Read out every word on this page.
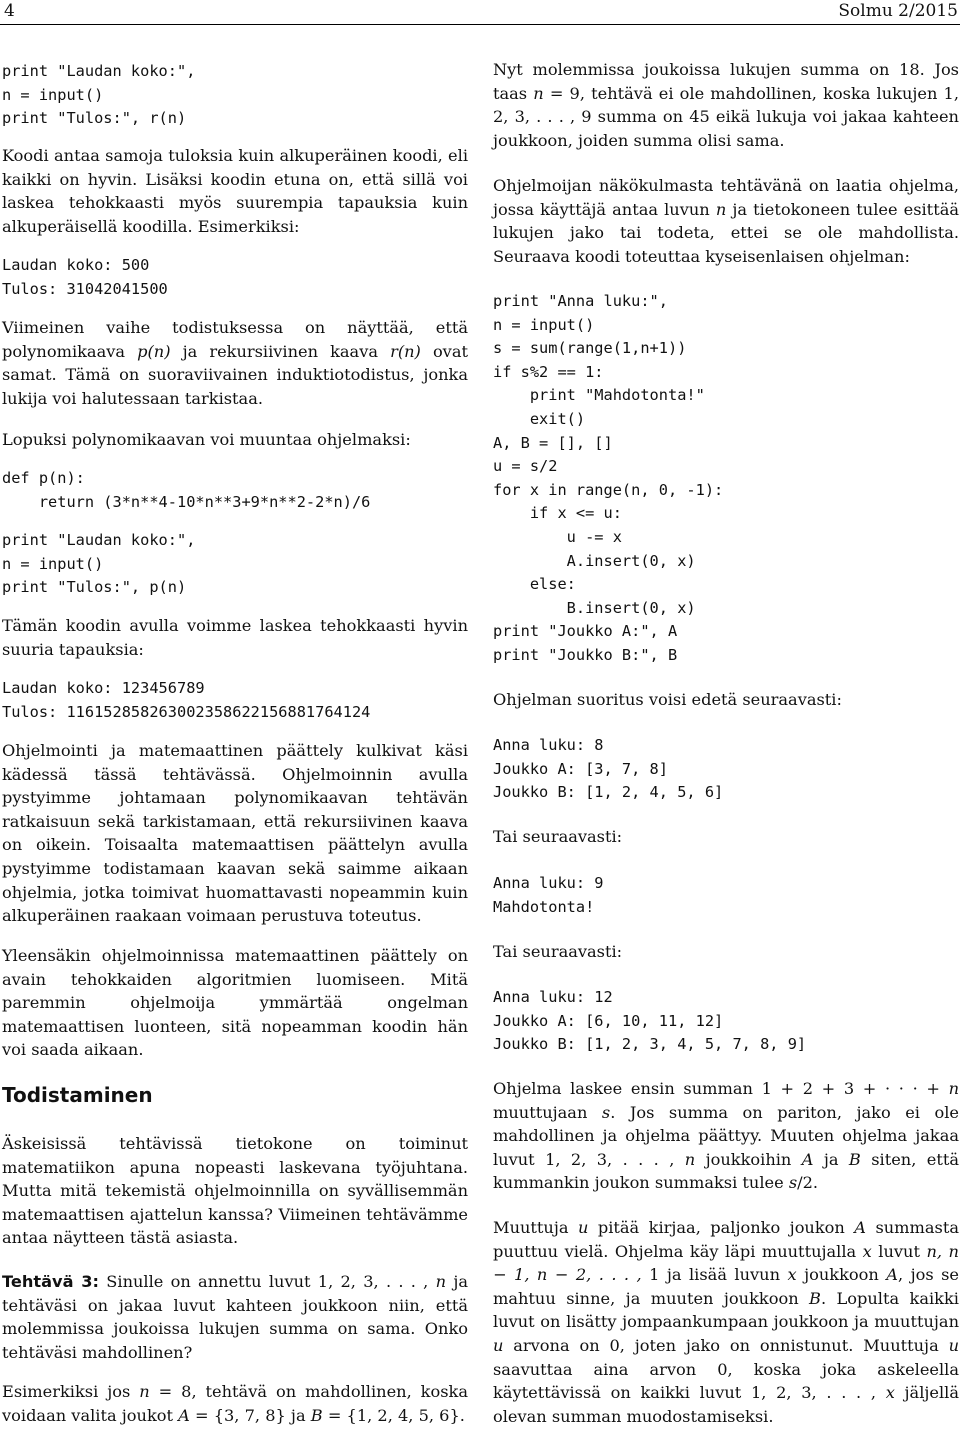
4	Solmu 2/2015
print "Laudan koko:",
n = input()
print "Tulos:", r(n)

Koodi antaa samoja tuloksia kuin alkuperäinen koodi, eli kaikki on hyvin. Lisäksi koodin etuna on, että sillä voi laskea tehokkaasti myös suurempia tapauksia kuin alkuperäisellä koodilla. Esimerkiksi:

Laudan koko: 500
Tulos: 31042041500

Viimeinen vaihe todistuksessa on näyttää, että polynomikaava p(n) ja rekursiivinen kaava r(n) ovat samat. Tämä on suoraviivainen induktiotodistus, jonka lukija voi halutessaan tarkistaa.

Lopuksi polynomikaavan voi muuntaa ohjelmaksi:

def p(n):
return (3*n**4-10*n**3+9*n**2-2*n)/6
print "Laudan koko:",
n = input()
print "Tulos:", p(n)

Tämän koodin avulla voimme laskea tehokkaasti hyvin suuria tapauksia:

Laudan koko: 123456789
Tulos: 116152858263002358622156881764124

Ohjelmointi ja matemaattinen päättely kulkivat käsi kädessä tässä tehtävässä. Ohjelmoinnin avulla pystyimme johtamaan polynomikaavan tehtävän ratkaisuun sekä tarkistamaan, että rekursiivinen kaava on oikein. Toisaalta matemaattisen päättelyn avulla pystyimme todistamaan kaavan sekä saimme aikaan ohjelmia, jotka toimivat huomattavasti nopeammin kuin alkuperäinen raakaan voimaan perustuva toteutus.

Yleensäkin ohjelmoinnissa matemaattinen päättely on avain tehokkaiden algoritmien luomiseen. Mitä paremmin ohjelmoija ymmärtää ongelman matemaattisen luonteen, sitä nopeamman koodin hän voi saada aikaan.

Todistaminen

Äskeisissä tehtävissä tietokone on toiminut matematiikon apuna nopeasti laskevana työjuhtana. Mutta mitä tekemistä ohjelmoinnilla on syvällisemmän matemaattisen ajattelun kanssa? Viimeinen tehtävämme antaa näytteen tästä asiasta.

Tehtävä 3: Sinulle on annettu luvut 1, 2, 3, . . . , n ja tehtäväsi on jakaa luvut kahteen joukkoon niin, että molemmissa joukoissa lukujen summa on sama. Onko tehtäväsi mahdollinen?

Esimerkiksi jos n = 8, tehtävä on mahdollinen, koska voidaan valita joukot A = {3, 7, 8} ja B = {1, 2, 4, 5, 6}.

Nyt molemmissa joukoissa lukujen summa on 18. Jos taas n = 9, tehtävä ei ole mahdollinen, koska lukujen 1, 2, 3, . . . , 9 summa on 45 eikä lukuja voi jakaa kahteen joukkoon, joiden summa olisi sama.

Ohjelmoijan näkökulmasta tehtävänä on laatia ohjelma, jossa käyttäjä antaa luvun n ja tietokoneen tulee esittää lukujen jako tai todeta, ettei se ole mahdollista. Seuraava koodi toteuttaa kyseisenlaisen ohjelman:

print "Anna luku:",
n = input()
s = sum(range(1,n+1))
if s%2 == 1:
print "Mahdotonta!"
exit()
A, B = [], []
u = s/2
for x in range(n, 0, -1):
if x <= u:
u -= x
A.insert(0, x)
else:
B.insert(0, x)
print "Joukko A:", A
print "Joukko B:", B

Ohjelman suoritus voisi edetä seuraavasti:

Anna luku: 8
Joukko A: [3, 7, 8]
Joukko B: [1, 2, 4, 5, 6]

Tai seuraavasti:

Anna luku: 9
Mahdotonta!

Tai seuraavasti:

Anna luku: 12
Joukko A: [6, 10, 11, 12]
Joukko B: [1, 2, 3, 4, 5, 7, 8, 9]

Ohjelma laskee ensin summan 1 + 2 + 3 + · · · + n muuttujaan s. Jos summa on pariton, jako ei ole mahdollinen ja ohjelma päättyy. Muuten ohjelma jakaa luvut 1, 2, 3, . . . , n joukkoihin A ja B siten, että kummankin joukon summaksi tulee s/2.

Muuttuja u pitää kirjaa, paljonko joukon A summasta puuttuu vielä. Ohjelma käy läpi muuttujalla x luvut n, n − 1, n − 2, . . . , 1 ja lisää luvun x joukkoon A, jos se mahtuu sinne, ja muuten joukkoon B. Lopulta kaikki luvut on lisätty jompaankumpaan joukkoon ja muuttujan u arvona on 0, joten jako on onnistunut. Muuttuja u saavuttaa aina arvon 0, koska joka askeleella käytettävissä on kaikki luvut 1, 2, 3, . . . , x jäljellä olevan summan muodostamiseksi.
